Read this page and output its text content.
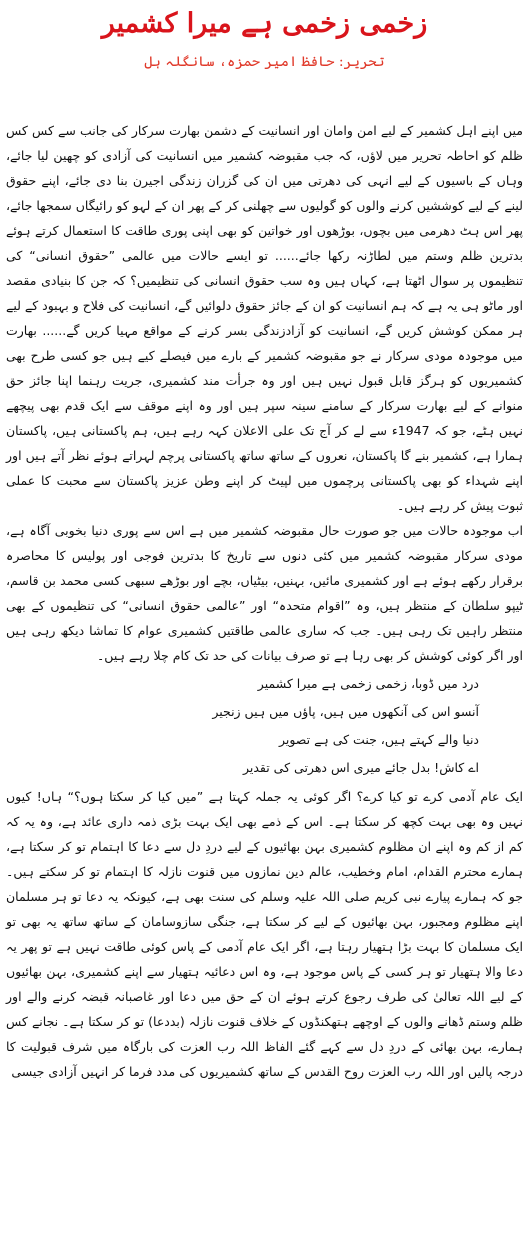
زخمی زخمی ہے میرا کشمیر
تحریر: حافظ امیر حمزہ، سانگلہ ہل

میں اپنے اہل کشمیر کے لیے امن وامان اور انسانیت کے دشمن بھارت سرکار کی جانب سے کس کس ظلم کو احاطہ تحریر میں لاؤں، کہ جب مقبوضہ کشمیر میں انسانیت کی آزادی کو چھین لیا جائے، وہاں کے باسیوں کے لیے انہی کی دھرتی میں ان کی گزران زندگی اجیرن بنا دی جائے، اپنے حقوق لینے کے لیے کوششیں کرنے والوں کو گولیوں سے چھلنی کر کے پھر ان کے لہو کو رائیگاں سمجھا جائے، پھر اس ہٹ دھرمی میں بچوں، بوڑھوں اور خواتین کو بھی اپنی پوری طاقت کا استعمال کرتے ہوئے بدترین ظلم وستم میں لطاڑنہ رکھا جائے...... تو ایسے حالات میں عالمی ”حقوق انسانی“ کی تنظیموں پر سوال اٹھتا ہے، کہاں ہیں وہ سب حقوق انسانی کی تنظیمیں؟ کہ جن کا بنیادی مقصد اور ماٹو ہی یہ ہے کہ ہم انسانیت کو ان کے جائز حقوق دلوائیں گے، انسانیت کی فلاح و بہبود کے لیے ہر ممکن کوشش کریں گے، انسانیت کو آزادزندگی بسر کرنے کے مواقع مہیا کریں گے...... بھارت میں موجودہ مودی سرکار نے جو مقبوضہ کشمیر کے بارے میں فیصلے کیے ہیں جو کسی طرح بھی کشمیریوں کو ہرگز قابل قبول نہیں ہیں اور وہ جرأت مند کشمیری، جریت رہنما اپنا جائز حق منوانے کے لیے بھارت سرکار کے سامنے سینہ سپر ہیں اور وہ اپنے موقف سے ایک قدم بھی پیچھے نہیں ہٹے، جو کہ 1947ء سے لے کر آج تک علی الاعلان کہہ رہے ہیں، ہم پاکستانی ہیں، پاکستان ہمارا ہے، کشمیر بنے گا پاکستان، نعروں کے ساتھ ساتھ پاکستانی پرچم لہراتے ہوئے نظر آتے ہیں اور اپنے شہداء کو بھی پاکستانی پرچموں میں لپیٹ کر اپنے وطن عزیز پاکستان سے محبت کا عملی ثبوت پیش کر رہے ہیں۔

اب موجودہ حالات میں جو صورت حال مقبوضہ کشمیر میں ہے اس سے پوری دنیا بخوبی آگاہ ہے، مودی سرکار مقبوضہ کشمیر میں کئی دنوں سے تاریخ کا بدترین فوجی اور پولیس کا محاصرہ برقرار رکھے ہوئے ہے اور کشمیری مائیں، بہنیں، بیٹیاں، بچے اور بوڑھے سبھی کسی محمد بن قاسم، ٹیپو سلطان کے منتظر ہیں، وہ ”اقوام متحدہ“ اور ”عالمی حقوق انسانی“ کی تنظیموں کے بھی منتظر راہیں تک رہی ہیں۔ جب کہ ساری عالمی طاقتیں کشمیری عوام کا تماشا دیکھ رہی ہیں اور اگر کوئی کوشش کر بھی رہا ہے تو صرف بیانات کی حد تک کام چلا رہے ہیں۔

درد میں ڈوبا، زخمی زخمی ہے میرا کشمیر
آنسو اس کی آنکھوں میں ہیں، پاؤں میں ہیں زنجیر
دنیا والے کہتے ہیں، جنت کی ہے تصویر
اے کاش! بدل جائے میری اس دھرتی کی تقدیر

ایک عام آدمی کرے تو کیا کرے؟ اگر کوئی یہ جملہ کہتا ہے ”میں کیا کر سکتا ہوں؟“ ہاں! کیوں نہیں وہ بھی بہت کچھ کر سکتا ہے۔ اس کے ذمے بھی ایک بہت بڑی ذمہ داری عائد ہے، وہ یہ کہ کم از کم وہ اپنے ان مظلوم کشمیری بہن بھائیوں کے لیے دردِ دل سے دعا کا اہتمام تو کر سکتا ہے، ہمارے محترم القدام، امام وخطیب، عالم دین نمازوں میں قنوت نازلہ کا اہتمام تو کر سکتے ہیں۔ جو کہ ہمارے پیارے نبی کریم صلی اللہ علیہ وسلم کی سنت بھی ہے، کیونکہ یہ دعا تو ہر مسلمان اپنے مظلوم ومجبور، بہن بھائیوں کے لیے کر سکتا ہے، جنگی سازوسامان کے ساتھ ساتھ یہ بھی تو ایک مسلمان کا بہت بڑا ہتھیار رہتا ہے، اگر ایک عام آدمی کے پاس کوئی طاقت نہیں ہے تو پھر یہ دعا والا ہتھیار تو ہر کسی کے پاس موجود ہے، وہ اس دعائیہ ہتھیار سے اپنے کشمیری، بہن بھائیوں کے لیے اللہ تعالیٰ کی طرف رجوع کرتے ہوئے ان کے حق میں دعا اور غاصبانہ قبضہ کرنے والے اور ظلم وستم ڈھانے والوں کے اوچھے ہتھکنڈوں کے خلاف قنوت نازلہ (بددعا) تو کر سکتا ہے۔ نجانے کس ہمارے، بہن بھائی کے دردِ دل سے کہے گئے الفاظ اللہ رب العزت کی بارگاہ میں شرف قبولیت کا درجہ پالیں اور اللہ رب العزت روح القدس کے ساتھ کشمیریوں کی مدد فرما کر انہیں آزادی جیسی
